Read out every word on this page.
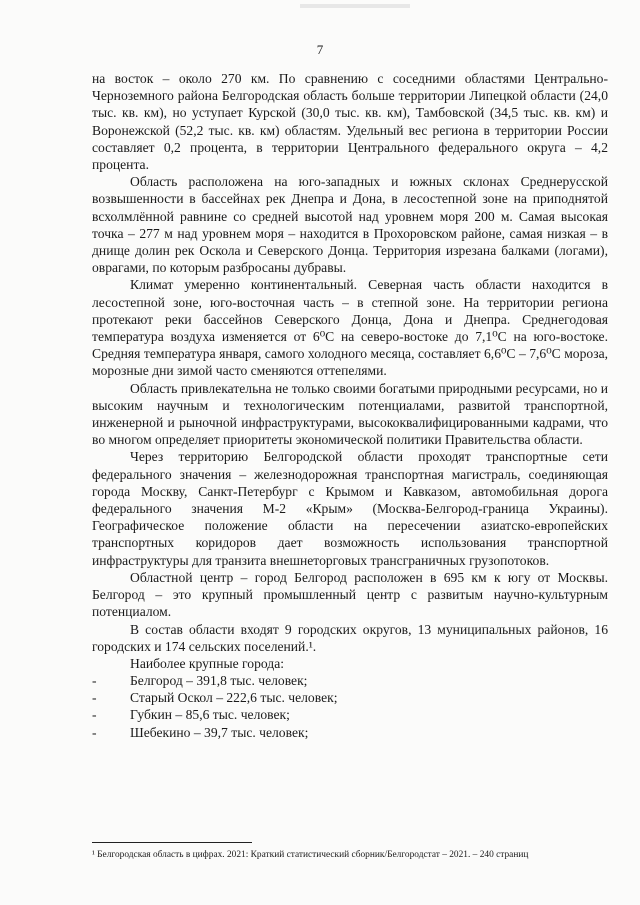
7

на восток – около 270 км. По сравнению с соседними областями Центрально-Черноземного района Белгородская область больше территории Липецкой области (24,0 тыс. кв. км), но уступает Курской (30,0 тыс. кв. км), Тамбовской (34,5 тыс. кв. км) и Воронежской (52,2 тыс. кв. км) областям. Удельный вес региона в территории России составляет 0,2 процента, в территории Центрального федерального округа – 4,2 процента.

Область расположена на юго-западных и южных склонах Среднерусской возвышенности в бассейнах рек Днепра и Дона, в лесостепной зоне на приподнятой всхолмлённой равнине со средней высотой над уровнем моря 200 м. Самая высокая точка – 277 м над уровнем моря – находится в Прохоровском районе, самая низкая – в днище долин рек Оскола и Северского Донца. Территория изрезана балками (логами), оврагами, по которым разбросаны дубравы.

Климат умеренно континентальный. Северная часть области находится в лесостепной зоне, юго-восточная часть – в степной зоне. На территории региона протекают реки бассейнов Северского Донца, Дона и Днепра. Среднегодовая температура воздуха изменяется от 6⁰С на северо-востоке до 7,1⁰С на юго-востоке. Средняя температура января, самого холодного месяца, составляет 6,6⁰С – 7,6⁰С мороза, морозные дни зимой часто сменяются оттепелями.

Область привлекательна не только своими богатыми природными ресурсами, но и высоким научным и технологическим потенциалами, развитой транспортной, инженерной и рыночной инфраструктурами, высококвалифицированными кадрами, что во многом определяет приоритеты экономической политики Правительства области.

Через территорию Белгородской области проходят транспортные сети федерального значения – железнодорожная транспортная магистраль, соединяющая города Москву, Санкт-Петербург с Крымом и Кавказом, автомобильная дорога федерального значения М-2 «Крым» (Москва-Белгород-граница Украины). Географическое положение области на пересечении азиатско-европейских транспортных коридоров дает возможность использования транспортной инфраструктуры для транзита внешнеторговых трансграничных грузопотоков.

Областной центр – город Белгород расположен в 695 км к югу от Москвы. Белгород – это крупный промышленный центр с развитым научно-культурным потенциалом.

В состав области входят 9 городских округов, 13 муниципальных районов, 16 городских и 174 сельских поселений.¹.

Наиболее крупные города:

-	Белгород – 391,8 тыс. человек;
-	Старый Оскол – 222,6 тыс. человек;
-	Губкин – 85,6 тыс. человек;
-	Шебекино – 39,7 тыс. человек;
¹ Белгородская область в цифрах. 2021: Краткий статистический сборник/Белгородстат – 2021. – 240 страниц
